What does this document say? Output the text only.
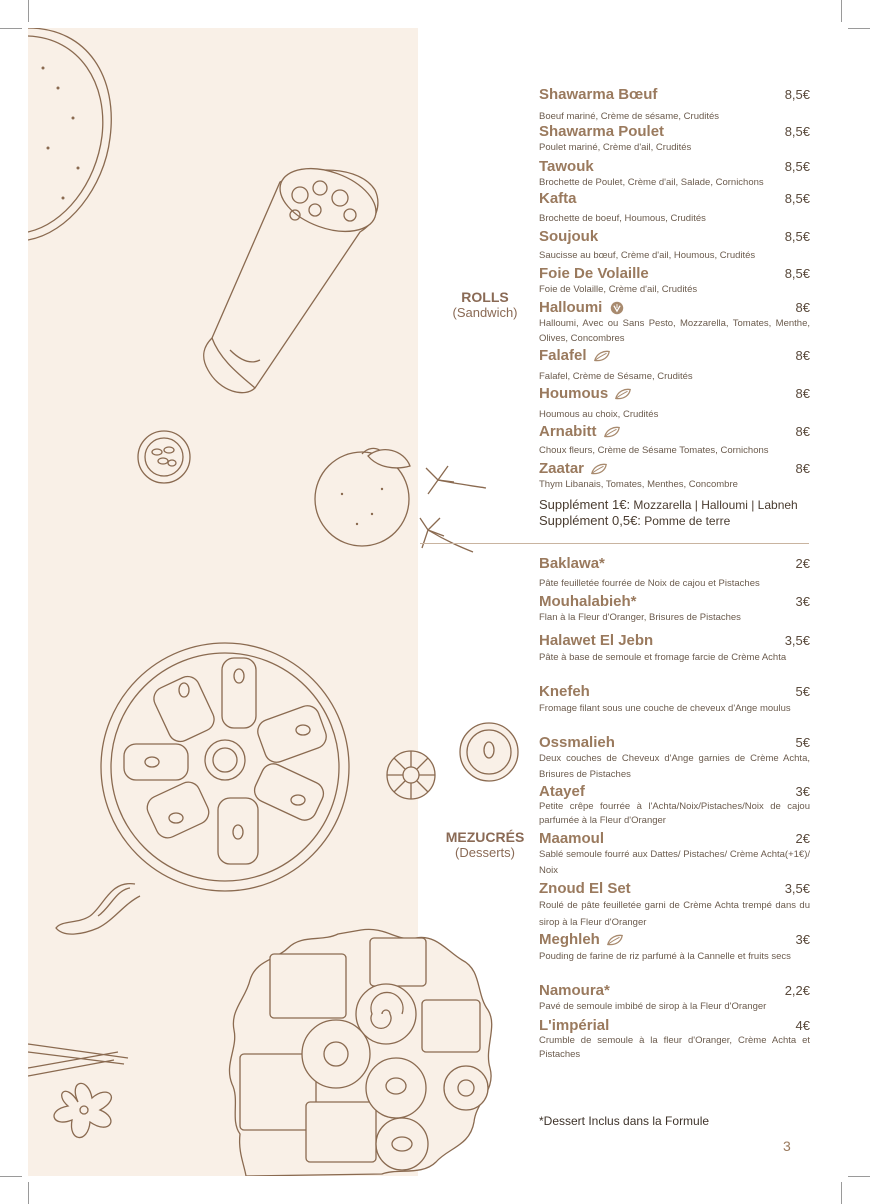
ROLLS
(Sandwich)
MEZUCRÉS
(Desserts)
Shawarma Bœuf	8,5€
Boeuf mariné, Crème de sésame, Crudités
Shawarma Poulet	8,5€
Poulet mariné, Crème d'ail, Crudités
Tawouk	8,5€
Brochette de Poulet, Crème d'ail, Salade, Cornichons
Kafta	8,5€
Brochette de boeuf, Houmous, Crudités
Soujouk	8,5€
Saucisse au bœuf, Crème d'ail, Houmous, Crudités
Foie De Volaille	8,5€
Foie de Volaille, Crème d'ail, Crudités
Halloumi	8€
Halloumi, Avec ou Sans Pesto, Mozzarella, Tomates, Menthe, Olives, Concombres
Falafel	8€
Falafel, Crème de Sésame, Crudités
Houmous	8€
Houmous au choix, Crudités
Arnabitt	8€
Choux fleurs, Crème de Sésame Tomates, Cornichons
Zaatar	8€
Thym Libanais, Tomates, Menthes, Concombre
Supplément 1€: Mozzarella | Halloumi | Labneh
Supplément 0,5€: Pomme de terre
Baklawa*	2€
Pâte feuilletée fourrée de Noix de cajou et Pistaches
Mouhalabieh*	3€
Flan à la Fleur d'Oranger, Brisures de Pistaches
Halawet El Jebn	3,5€
Pâte à base de semoule et fromage farcie de Crème Achta
Knefeh	5€
Fromage filant sous une couche de cheveux d'Ange moulus
Ossmalieh	5€
Deux couches de Cheveux d'Ange garnies de Crème Achta, Brisures de Pistaches
Atayef	3€
Petite crêpe fourrée à l'Achta/Noix/Pistaches/Noix de cajou parfumée à la Fleur d'Oranger
Maamoul	2€
Sablé semoule fourré aux Dattes/ Pistaches/ Crème Achta(+1€)/ Noix
Znoud El Set	3,5€
Roulé de pâte feuilletée garni de Crème Achta trempé dans du sirop à la Fleur d'Oranger
Meghleh	3€
Pouding de farine de riz parfumé à la Cannelle et fruits secs
Namoura*	2,2€
Pavé de semoule imbibé de sirop à la Fleur d'Oranger
L'impérial	4€
Crumble de semoule à la fleur d'Oranger, Crème Achta et Pistaches
*Dessert Inclus dans la Formule
3
